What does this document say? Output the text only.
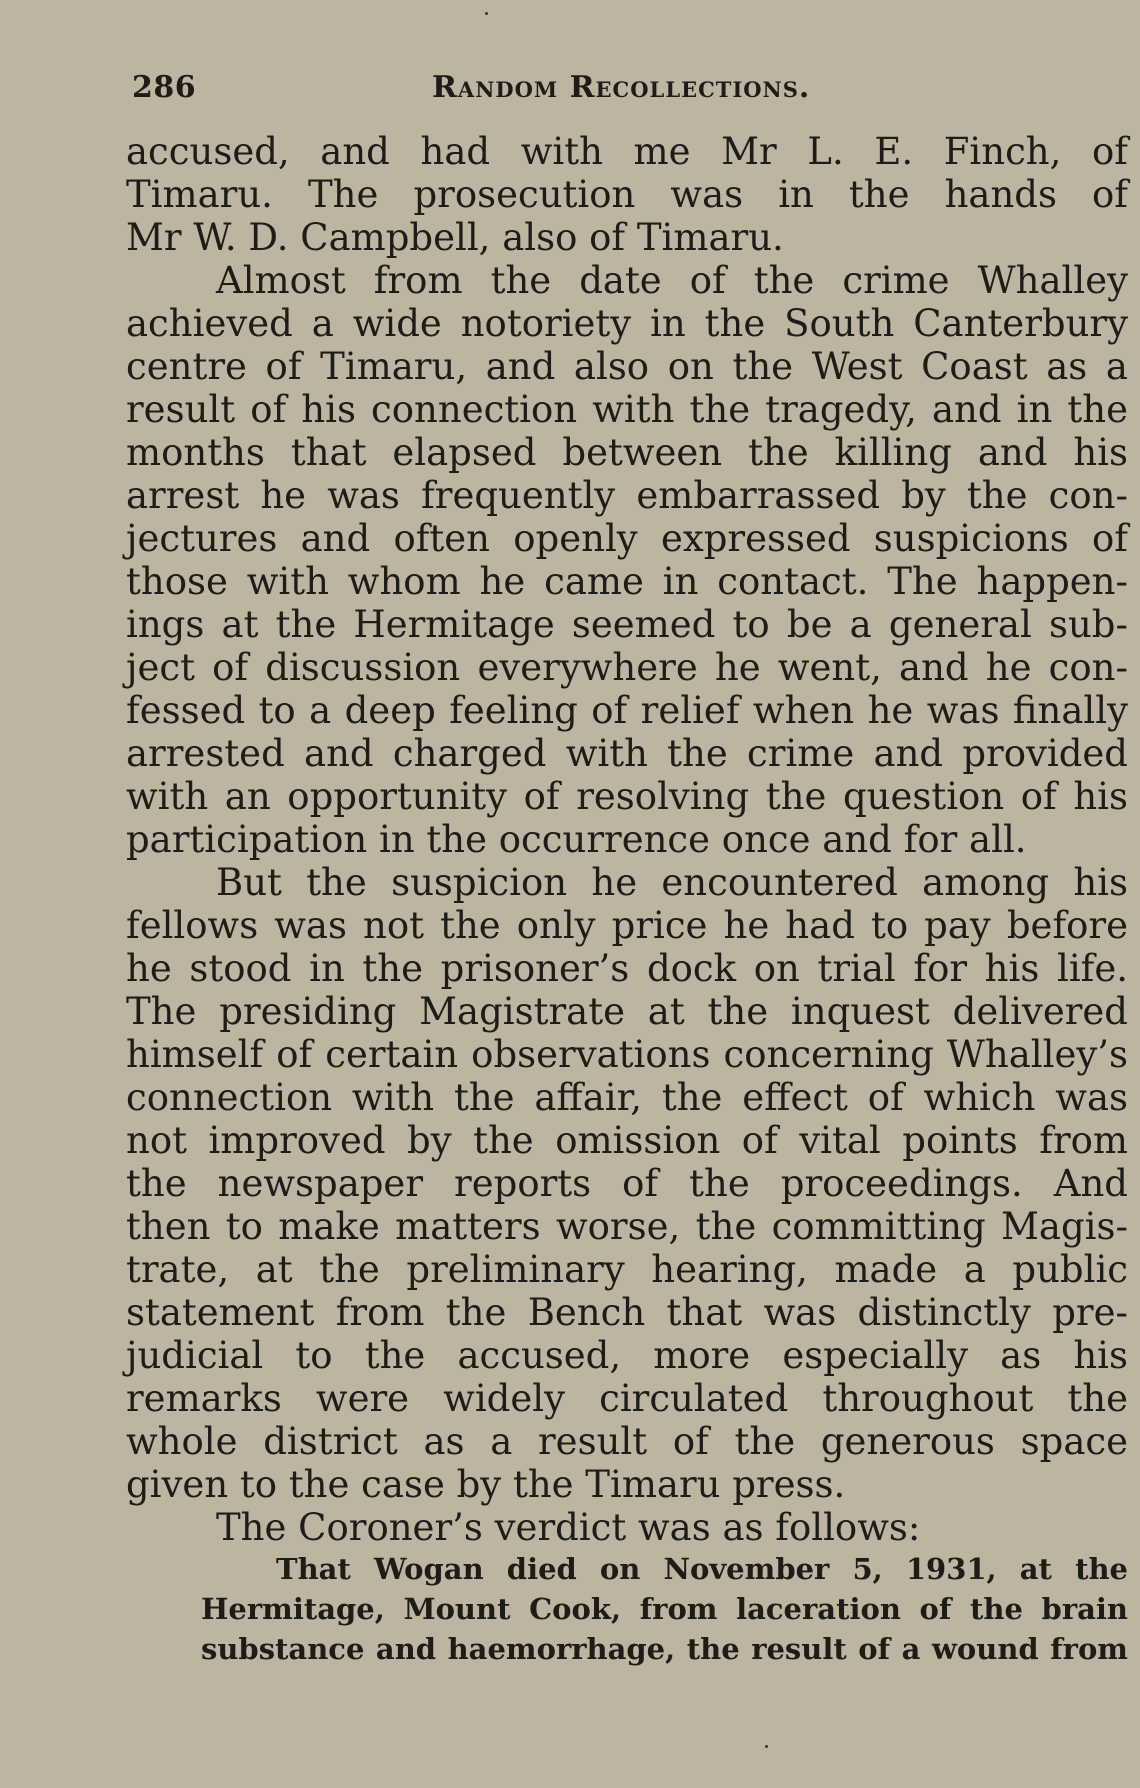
286	Random Recollections.
accused, and had with me Mr L. E. Finch, of
Timaru. The prosecution was in the hands of
Mr W. D. Campbell, also of Timaru.
Almost from the date of the crime Whalley
achieved a wide notoriety in the South Canterbury
centre of Timaru, and also on the West Coast as a
result of his connection with the tragedy, and in the
months that elapsed between the killing and his
arrest he was frequently embarrassed by the con-
jectures and often openly expressed suspicions of
those with whom he came in contact. The happen-
ings at the Hermitage seemed to be a general sub-
ject of discussion everywhere he went, and he con-
fessed to a deep feeling of relief when he was finally
arrested and charged with the crime and provided
with an opportunity of resolving the question of his
participation in the occurrence once and for all.
But the suspicion he encountered among his
fellows was not the only price he had to pay before
he stood in the prisoner’s dock on trial for his life.
The presiding Magistrate at the inquest delivered
himself of certain observations concerning Whalley’s
connection with the affair, the effect of which was
not improved by the omission of vital points from
the newspaper reports of the proceedings. And
then to make matters worse, the committing Magis-
trate, at the preliminary hearing, made a public
statement from the Bench that was distinctly pre-
judicial to the accused, more especially as his
remarks were widely circulated throughout the
whole district as a result of the generous space
given to the case by the Timaru press.
The Coroner’s verdict was as follows:
That Wogan died on November 5, 1931, at the
Hermitage, Mount Cook, from laceration of the brain
substance and haemorrhage, the result of a wound from
